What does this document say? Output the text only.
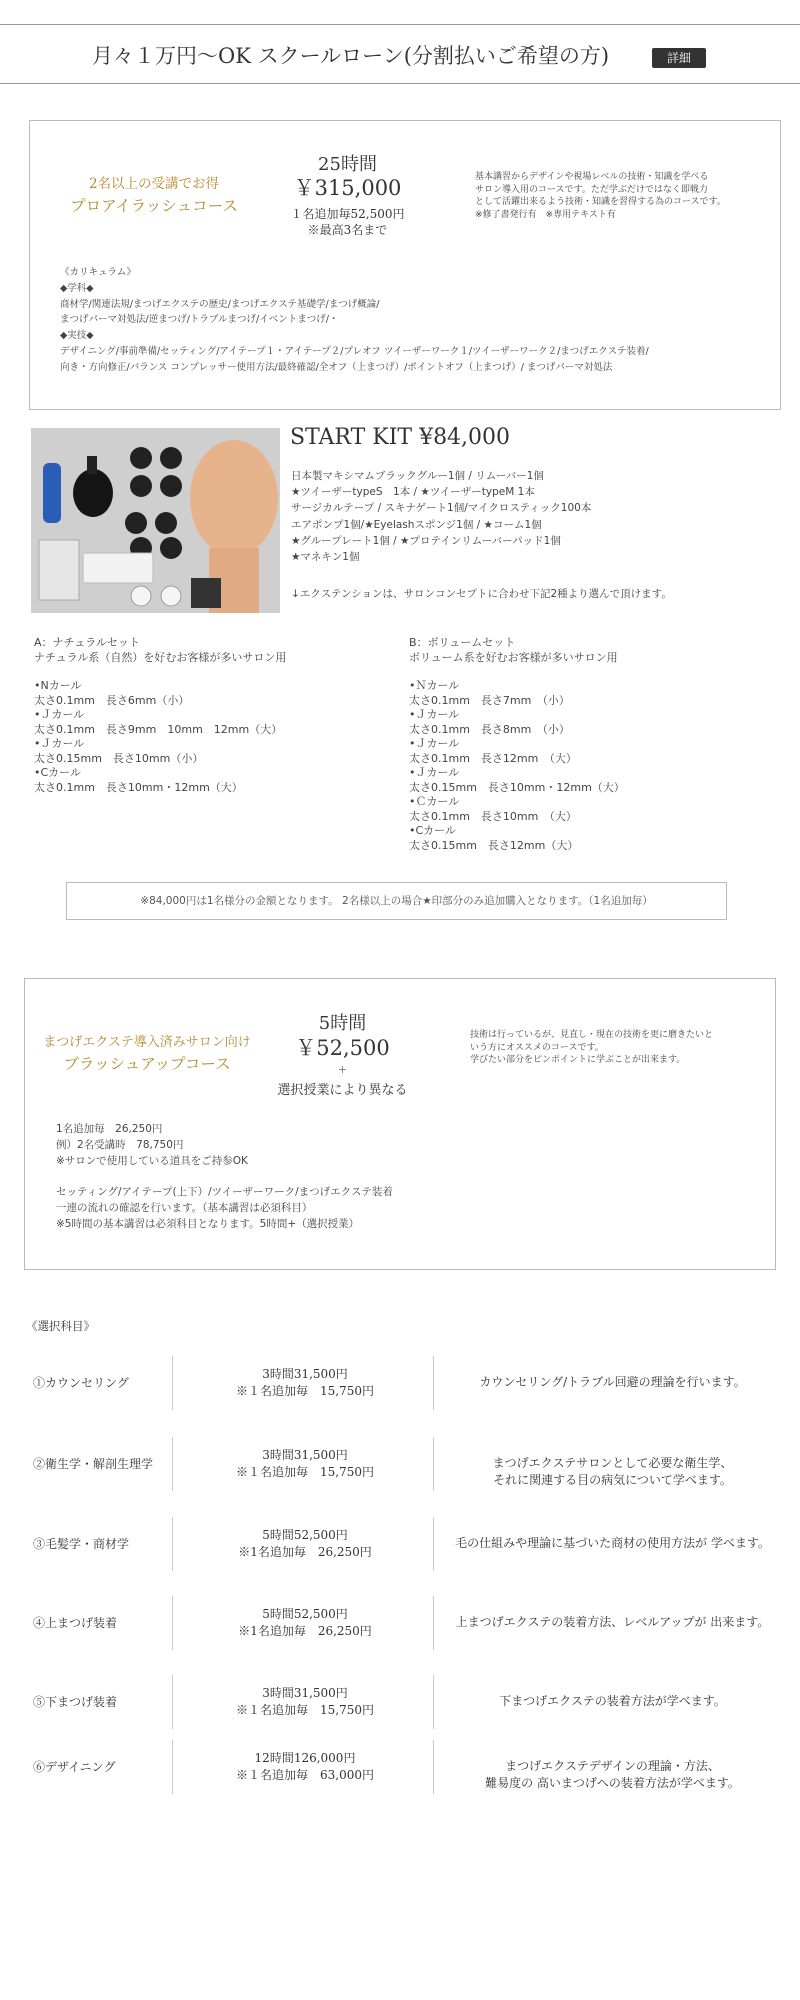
月々１万円〜OK スクールローン(分割払いご希望の方)	詳細
2名以上の受講でお得
プロアイラッシュコース
25時間
￥315,000
１名追加毎52,500円
※最高3名まで
基本講習からデザインや視場レベルの技術・知識を学べる
サロン導入用のコースです。ただ学ぶだけではなく即戦力
として活躍出来るよう技術・知識を習得する為のコースです。
※修了書発行有　※専用テキスト有
《カリキュラム》
◆学科◆
商材学/関連法規/まつげエクステの歴史/まつげエクステ基礎学/まつげ概論/
まつげパーマ対処法/逆まつげ/トラブルまつげ/イベントまつげ/・
◆実技◆
デザイニング/事前準備/セッティング/アイテープ１・アイテープ２/プレオフ ツイーザーワーク１/ツイーザーワーク２/まつげエクステ装着/
向き・方向修正/バランス コンプレッサー使用方法/最終確認/全オフ（上まつげ）/ポイントオフ（上まつげ）/ まつげパーマ対処法
START KIT ¥84,000
日本製マキシマムブラックグルー1個 / リムーバー1個
★ツイーザーtypeS　1本 / ★ツイーザーtypeM 1本
サージカルテープ / スキナゲート1個/マイクロスティック100本
エアポンプ1個/★Eyelashスポンジ1個 / ★コーム1個
★グループレート1個 / ★プロテインリムーバーパッド1個
★マネキン1個
↓エクステンションは、サロンコンセプトに合わせ下記2種より選んで頂けます。
A：ナチュラルセット
ナチュラル系（自然）を好むお客様が多いサロン用
•Nカール
太さ0.1mm　長さ6mm（小）
•Ｊカール
太さ0.1mm　長さ9mm　10mm　12mm（大）
•Ｊカール
太さ0.15mm　長さ10mm（小）
•Cカール
太さ0.1mm　長さ10mm・12mm（大）
B：ボリュームセット
ボリューム系を好むお客様が多いサロン用
•Ｎカール
太さ0.1mm　長さ7mm　（小）
•Ｊカール
太さ0.1mm　長さ8mm　（小）
•Ｊカール
太さ0.1mm　長さ12mm　（大）
•Ｊカール
太さ0.15mm　長さ10mm・12mm（大）
•Ｃカール
太さ0.1mm　長さ10mm　（大）
•Cカール
太さ0.15mm　長さ12mm（大）
※84,000円は1名様分の金額となります。 2名様以上の場合★印部分のみ追加購入となります。（1名追加毎）
まつげエクステ導入済みサロン向け
ブラッシュアップコース
5時間
￥52,500
+
選択授業により異なる
技術は行っているが、見直し・現在の技術を更に磨きたいと
いう方にオススメのコースです。
学びたい部分をピンポイントに学ぶことが出来ます。
1名追加毎　26,250円
例）2名受講時　78,750円
※サロンで使用している道具をご持参OK
セッティング/アイテープ(上下）/ツイーザーワーク/まつげエクステ装着
一連の流れの確認を行います。（基本講習は必須科目）
※5時間の基本講習は必須科目となります。5時間+（選択授業）
《選択科目》
①カウンセリング
3時間31,500円
※１名追加毎　15,750円
カウンセリング/トラブル回避の理論を行います。
②衛生学・解剖生理学
3時間31,500円
※１名追加毎　15,750円
まつげエクステサロンとして必要な衛生学、
それに関連する目の病気について学べます。
③毛髪学・商材学
5時間52,500円
※1名追加毎　26,250円
毛の仕組みや理論に基づいた商材の使用方法が 学べます。
④上まつげ装着
5時間52,500円
※1名追加毎　26,250円
上まつげエクステの装着方法、レベルアップが 出来ます。
⑤下まつげ装着
3時間31,500円
※１名追加毎　15,750円
下まつげエクステの装着方法が学べます。
⑥デザイニング
12時間126,000円
※１名追加毎　63,000円
まつげエクステデザインの理論・方法、
難易度の 高いまつげへの装着方法が学べます。
